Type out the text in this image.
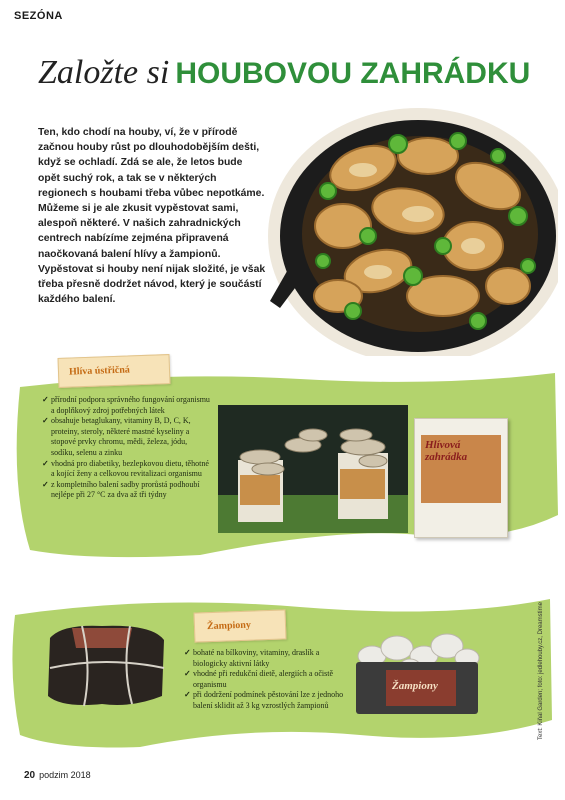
SEZÓNA
Založte si HOUBOVOU ZAHRÁDKU
Ten, kdo chodí na houby, ví, že v přírodě začnou houby růst po dlouhodobějším dešti, když se ochladí. Zdá se ale, že letos bude opět suchý rok, a tak se v některých regionech s houbami třeba vůbec nepotkáme. Můžeme si je ale zkusit vypěstovat sami, alespoň některé. V našich zahradnických centrech nabízíme zejména připravená naočkovaná balení hlívy a žampionů. Vypěstovat si houby není nijak složité, je však třeba přesně dodržet návod, který je součástí každého balení.
Hlíva ústřičná
✓ přírodní podpora správného fungování organismu a doplňkový zdroj potřebných látek
✓ obsahuje betaglukany, vitaminy B, D, C, K, proteiny, steroly, některé mastné kyseliny a stopové prvky chromu, mědi, železa, jódu, sodíku, selenu a zinku
✓ vhodná pro diabetiky, bezlepkovou dietu, těhotné a kojící ženy a celkovou revitalizaci organismu
✓ z kompletního balení sadby prorůstá podhoubí nejlépe při 27 °C za dva až tři týdny
Hlívová zahrádka
Žampiony
✓ bohaté na bílkoviny, vitaminy, draslík a biologicky aktivní látky
✓ vhodné při redukční dietě, alergiích a očistě organismu
✓ při dodržení podmínek pěstování lze z jednoho balení sklidit až 3 kg vzrostlých žampionů
Žampiony	Text: Kiňal Garden; foto: jedlehouby.cz, Dreamstime
20 podzim 2018
